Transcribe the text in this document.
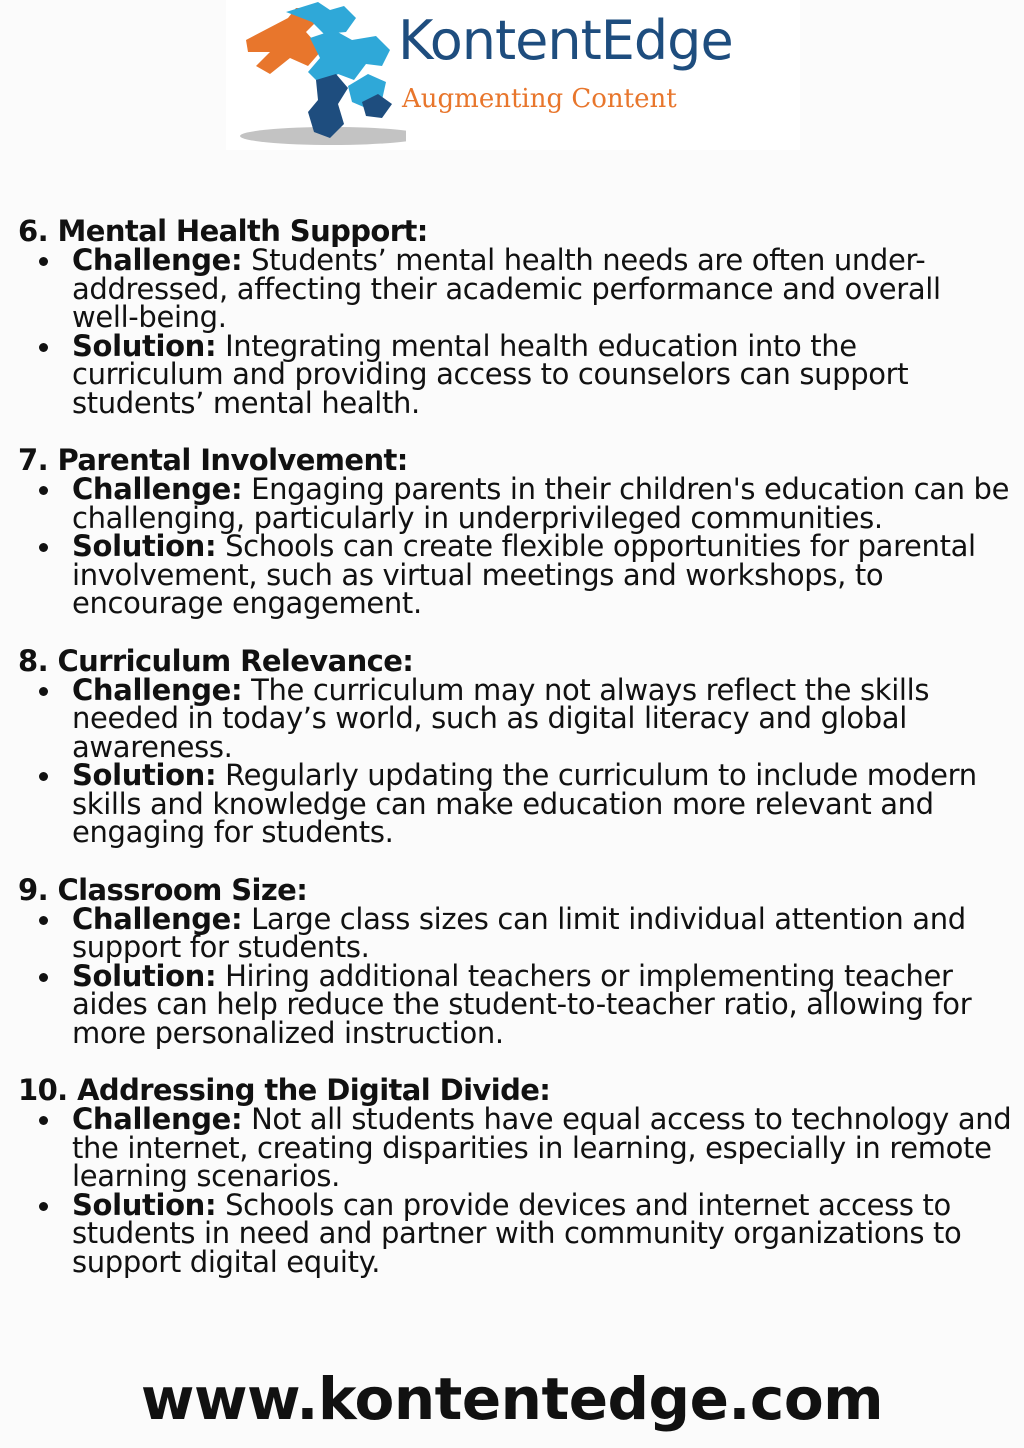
KontentEdge
Augmenting Content
6. Mental Health Support:
Challenge: Students’ mental health needs are often under-addressed, affecting their academic performance and overall well-being.
Solution: Integrating mental health education into the curriculum and providing access to counselors can support students’ mental health.
7. Parental Involvement:
Challenge: Engaging parents in their children's education can be challenging, particularly in underprivileged communities.
Solution: Schools can create flexible opportunities for parental involvement, such as virtual meetings and workshops, to encourage engagement.
8. Curriculum Relevance:
Challenge: The curriculum may not always reflect the skills needed in today’s world, such as digital literacy and global awareness.
Solution: Regularly updating the curriculum to include modern skills and knowledge can make education more relevant and engaging for students.
9. Classroom Size:
Challenge: Large class sizes can limit individual attention and support for students.
Solution: Hiring additional teachers or implementing teacher aides can help reduce the student-to-teacher ratio, allowing for more personalized instruction.
10. Addressing the Digital Divide:
Challenge: Not all students have equal access to technology and the internet, creating disparities in learning, especially in remote learning scenarios.
Solution: Schools can provide devices and internet access to students in need and partner with community organizations to support digital equity.
www.kontentedge.com
